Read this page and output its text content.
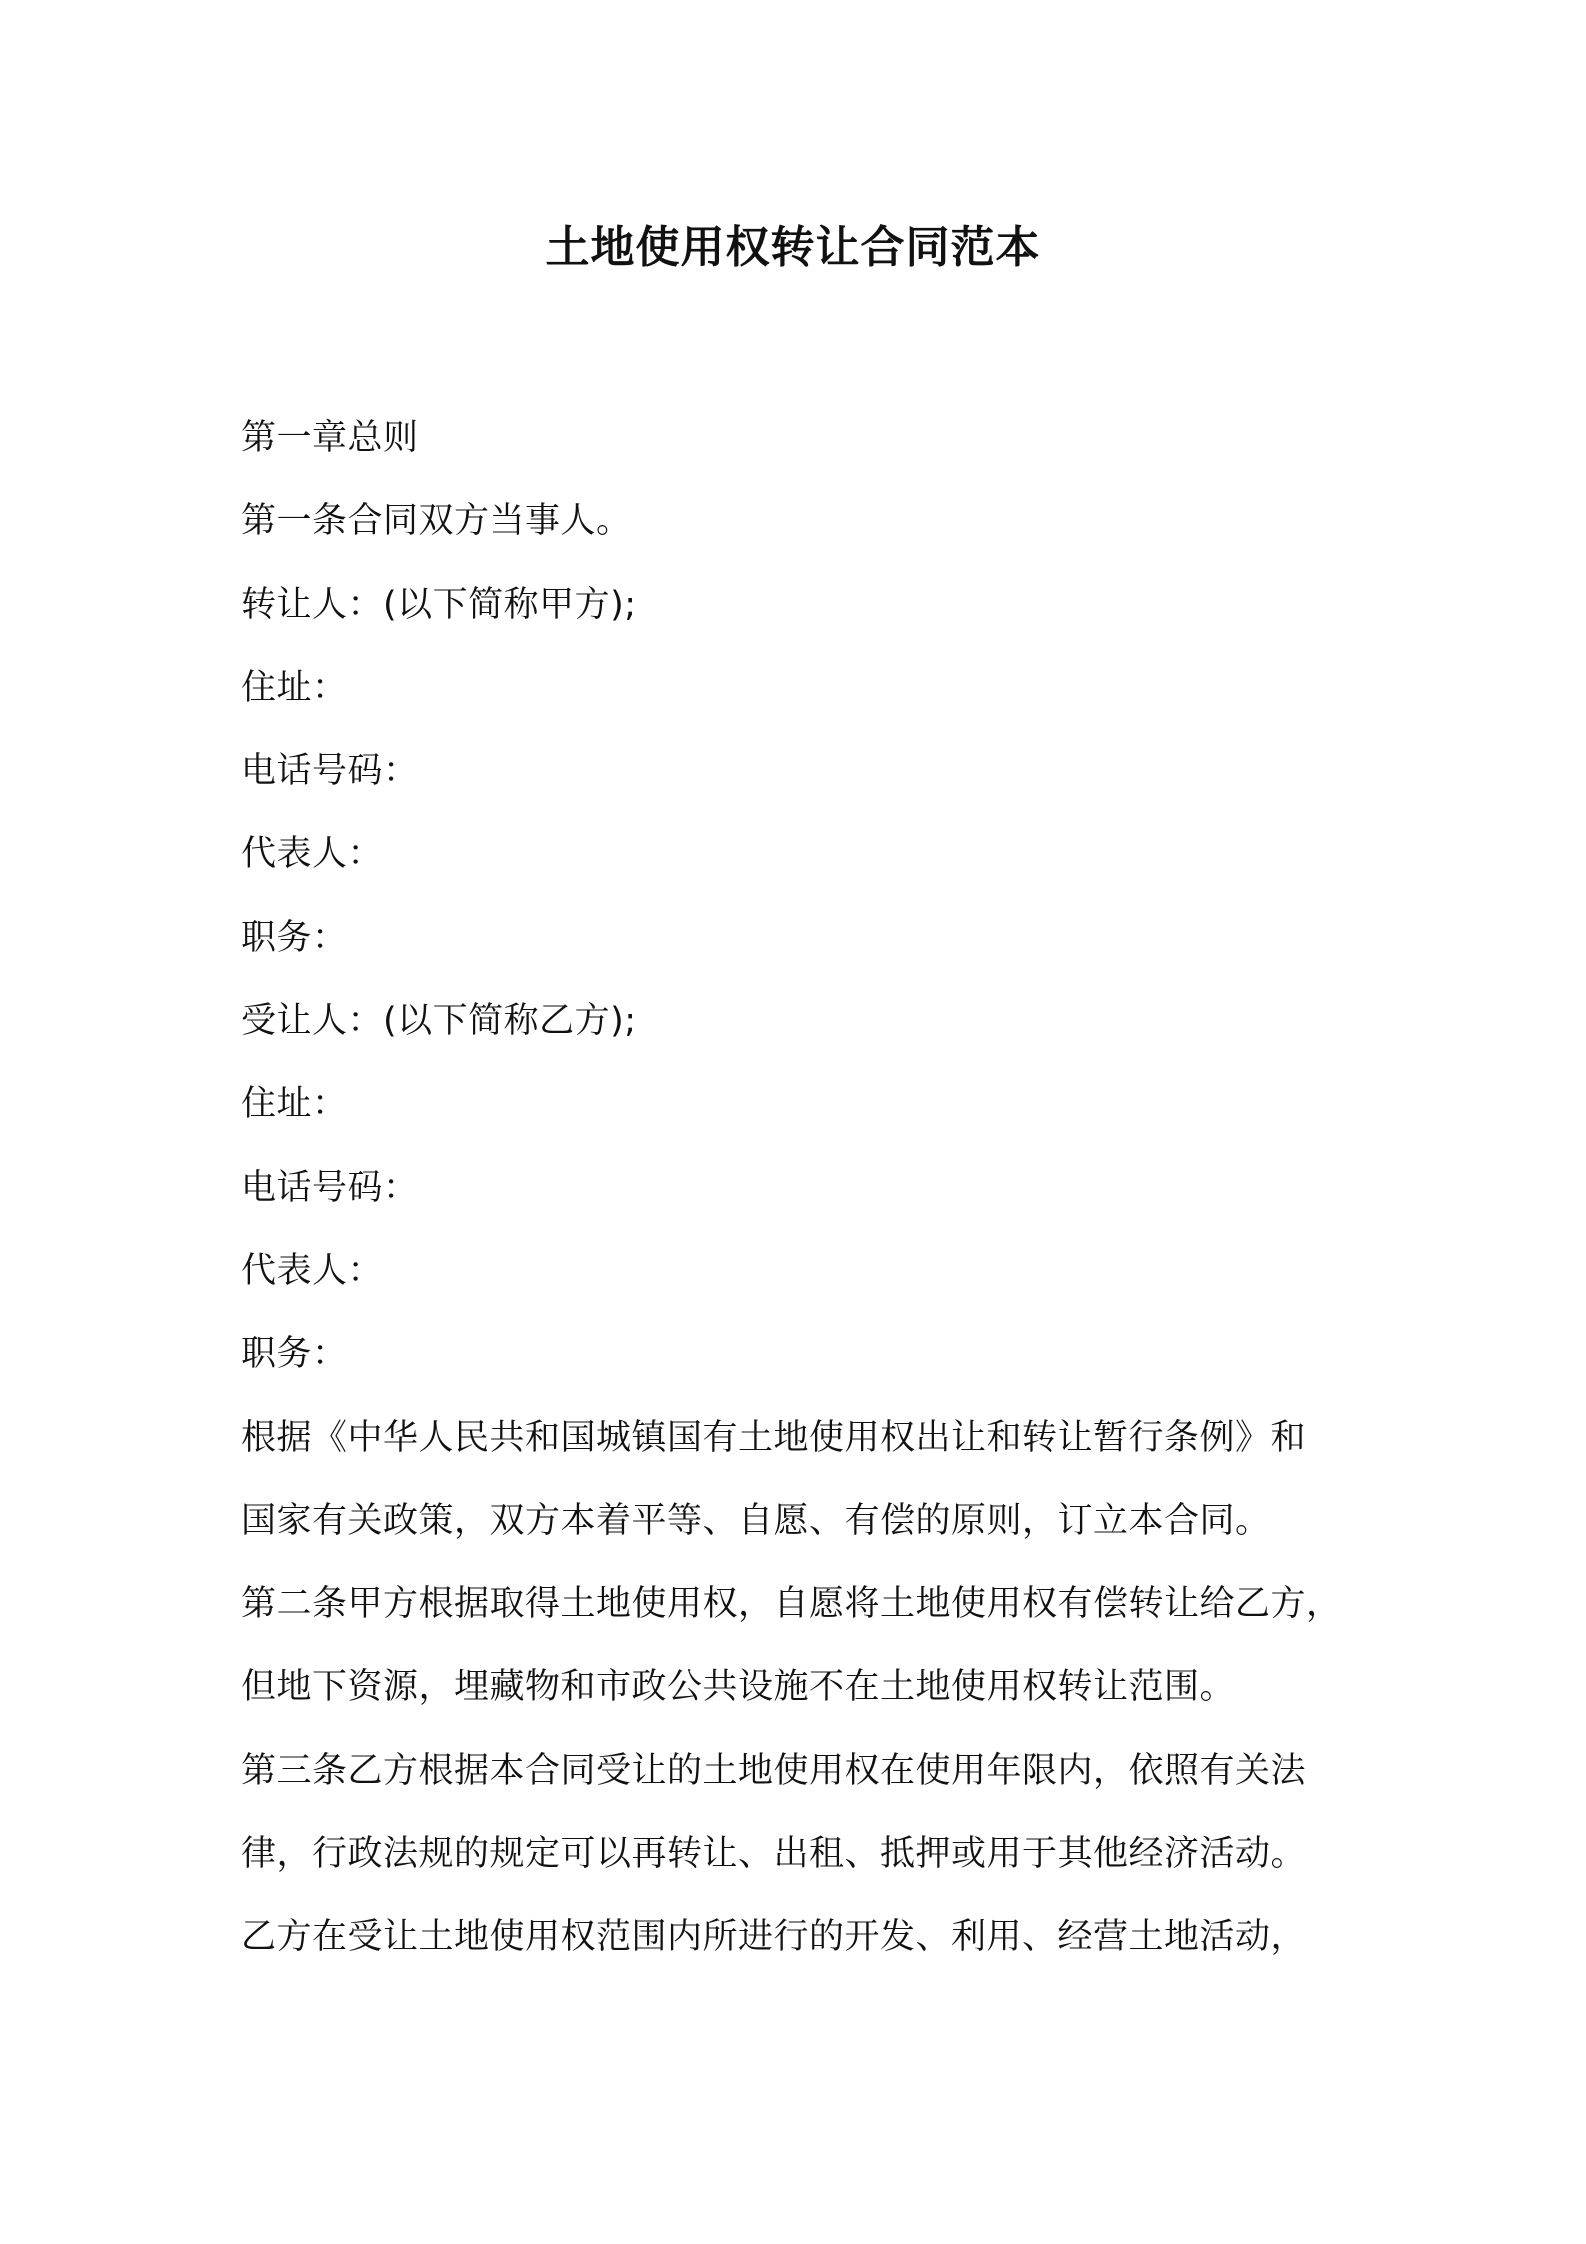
土地使用权转让合同范本
第一章总则
第一条合同双方当事人。
转让人：(以下简称甲方);
住址：
电话号码：
代表人：
职务：
受让人：(以下简称乙方);
住址：
电话号码：
代表人：
职务：
根据《中华人民共和国城镇国有土地使用权出让和转让暂行条例》和
国家有关政策，双方本着平等、自愿、有偿的原则，订立本合同。
第二条甲方根据取得土地使用权，自愿将土地使用权有偿转让给乙方，
但地下资源，埋藏物和市政公共设施不在土地使用权转让范围。
第三条乙方根据本合同受让的土地使用权在使用年限内，依照有关法
律，行政法规的规定可以再转让、出租、抵押或用于其他经济活动。
乙方在受让土地使用权范围内所进行的开发、利用、经营土地活动，
